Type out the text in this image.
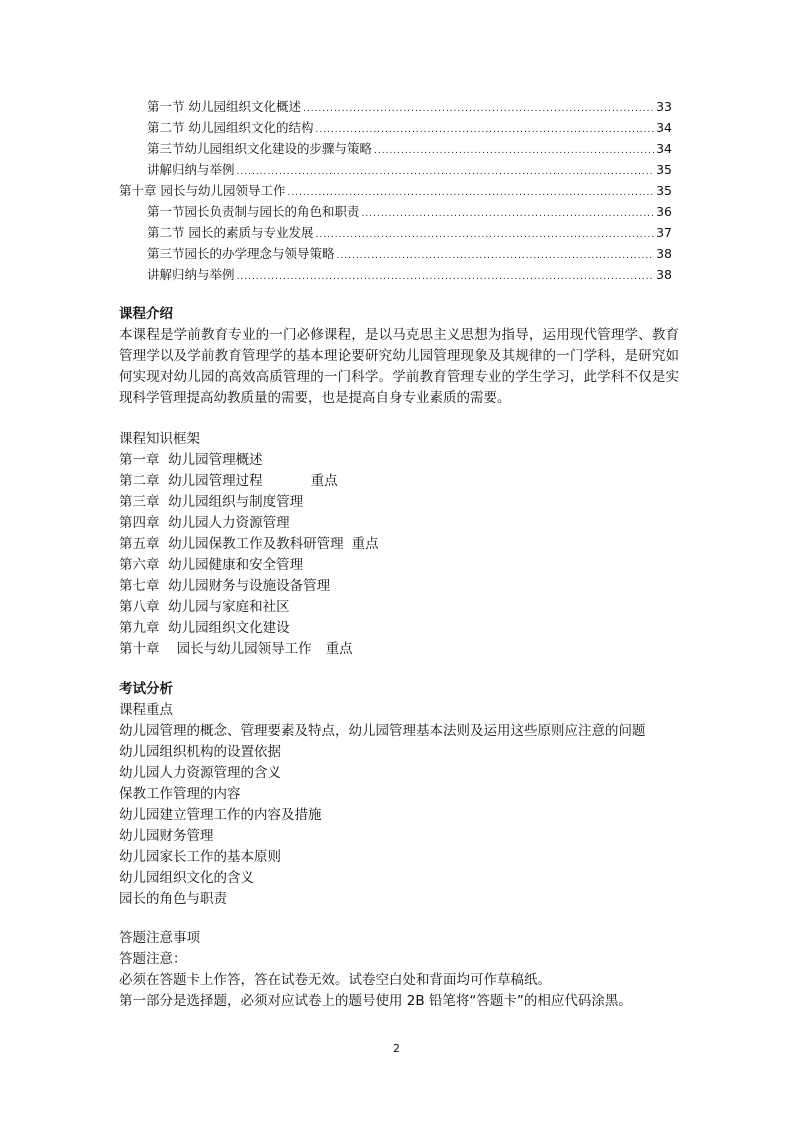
第一节 幼儿园组织文化概述 .....	33
第二节 幼儿园组织文化的结构 .....	34
第三节幼儿园组织文化建设的步骤与策略 .....	34
讲解归纳与举例 .....	35
第十章 园长与幼儿园领导工作 .....	35
第一节园长负责制与园长的角色和职责 .....	36
第二节 园长的素质与专业发展 .....	37
第三节园长的办学理念与领导策略 .....	38
讲解归纳与举例 .....	38
课程介绍
本课程是学前教育专业的一门必修课程，是以马克思主义思想为指导，运用现代管理学、教育管理学以及学前教育管理学的基本理论要研究幼儿园管理现象及其规律的一门学科，是研究如何实现对幼儿园的高效高质管理的一门科学。学前教育管理专业的学生学习，此学科不仅是实现科学管理提高幼教质量的需要，也是提高自身专业素质的需要。
课程知识框架
第一章  幼儿园管理概述
第二章  幼儿园管理过程	重点
第三章  幼儿园组织与制度管理
第四章  幼儿园人力资源管理
第五章  幼儿园保教工作及教科研管理 重点
第六章  幼儿园健康和安全管理
第七章  幼儿园财务与设施设备管理
第八章  幼儿园与家庭和社区
第九章  幼儿园组织文化建设
第十章    园长与幼儿园领导工作 重点
考试分析
课程重点
幼儿园管理的概念、管理要素及特点，幼儿园管理基本法则及运用这些原则应注意的问题
幼儿园组织机构的设置依据
幼儿园人力资源管理的含义
保教工作管理的内容
幼儿园建立管理工作的内容及措施
幼儿园财务管理
幼儿园家长工作的基本原则
幼儿园组织文化的含义
园长的角色与职责
答题注意事项
答题注意：
必须在答题卡上作答，答在试卷无效。试卷空白处和背面均可作草稿纸。
第一部分是选择题，必须对应试卷上的题号使用 2B 铅笔将“答题卡”的相应代码涂黑。
2
